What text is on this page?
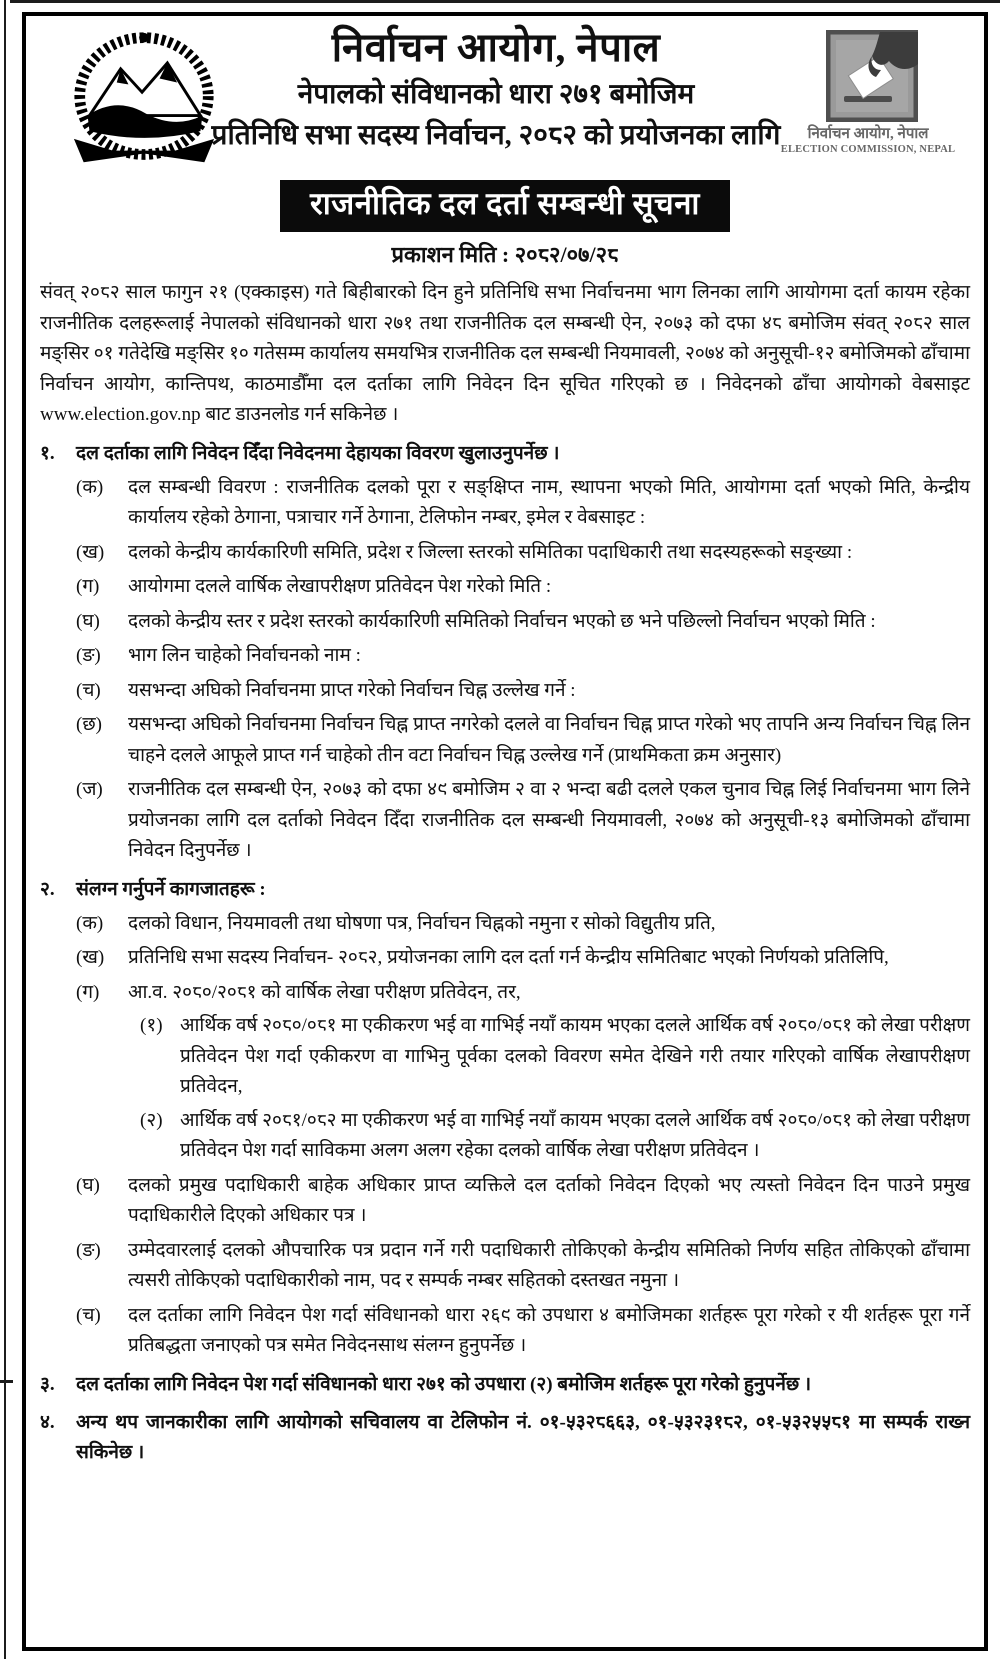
निर्वाचन आयोग, नेपाल
नेपालको संविधानको धारा २७१ बमोजिम
प्रतिनिधि सभा सदस्य निर्वाचन, २०८२ को प्रयोजनका लागि	निर्वाचन आयोग, नेपाल
ELECTION COMMISSION, NEPAL
राजनीतिक दल दर्ता सम्बन्धी सूचना
प्रकाशन मिति : २०८२/०७/२८

संवत् २०८२ साल फागुन २१ (एक्काइस) गते बिहीबारको दिन हुने प्रतिनिधि सभा निर्वाचनमा भाग लिनका लागि आयोगमा दर्ता कायम रहेका राजनीतिक दलहरूलाई नेपालको संविधानको धारा २७१ तथा राजनीतिक दल सम्बन्धी ऐन, २०७३ को दफा ४८ बमोजिम संवत् २०८२ साल मङ्सिर ०१ गतेदेखि मङ्सिर १० गतेसम्म कार्यालय समयभित्र राजनीतिक दल सम्बन्धी नियमावली, २०७४ को अनुसूची-१२ बमोजिमको ढाँचामा निर्वाचन आयोग, कान्तिपथ, काठमाडौँमा दल दर्ताका लागि निवेदन दिन सूचित गरिएको छ । निवेदनको ढाँचा आयोगको वेबसाइट www.election.gov.np बाट डाउनलोड गर्न सकिनेछ ।

१.	दल दर्ताका लागि निवेदन दिँदा निवेदनमा देहायका विवरण खुलाउनुपर्नेछ ।
(क)	दल सम्बन्धी विवरण : राजनीतिक दलको पूरा र सङ्क्षिप्त नाम, स्थापना भएको मिति, आयोगमा दर्ता भएको मिति, केन्द्रीय कार्यालय रहेको ठेगाना, पत्राचार गर्ने ठेगाना, टेलिफोन नम्बर, इमेल र वेबसाइट :
(ख)	दलको केन्द्रीय कार्यकारिणी समिति, प्रदेश र जिल्ला स्तरको समितिका पदाधिकारी तथा सदस्यहरूको सङ्ख्या :
(ग)	आयोगमा दलले वार्षिक लेखापरीक्षण प्रतिवेदन पेश गरेको मिति :
(घ)	दलको केन्द्रीय स्तर र प्रदेश स्तरको कार्यकारिणी समितिको निर्वाचन भएको छ भने पछिल्लो निर्वाचन भएको मिति :
(ङ)	भाग लिन चाहेको निर्वाचनको नाम :
(च)	यसभन्दा अघिको निर्वाचनमा प्राप्त गरेको निर्वाचन चिह्न उल्लेख गर्ने :
(छ)	यसभन्दा अघिको निर्वाचनमा निर्वाचन चिह्न प्राप्त नगरेको दलले वा निर्वाचन चिह्न प्राप्त गरेको भए तापनि अन्य निर्वाचन चिह्न लिन चाहने दलले आफूले प्राप्त गर्न चाहेको तीन वटा निर्वाचन चिह्न उल्लेख गर्ने (प्राथमिकता क्रम अनुसार)
(ज)	राजनीतिक दल सम्बन्धी ऐन, २०७३ को दफा ४९ बमोजिम २ वा २ भन्दा बढी दलले एकल चुनाव चिह्न लिई निर्वाचनमा भाग लिने प्रयोजनका लागि दल दर्ताको निवेदन दिँदा राजनीतिक दल सम्बन्धी नियमावली, २०७४ को अनुसूची-१३ बमोजिमको ढाँचामा निवेदन दिनुपर्नेछ ।
२.	संलग्न गर्नुपर्ने कागजातहरू :
(क)	दलको विधान, नियमावली तथा घोषणा पत्र, निर्वाचन चिह्नको नमुना र सोको विद्युतीय प्रति,
(ख)	प्रतिनिधि सभा सदस्य निर्वाचन- २०८२, प्रयोजनका लागि दल दर्ता गर्न केन्द्रीय समितिबाट भएको निर्णयको प्रतिलिपि,
(ग)	आ.व. २०८०/२०८१ को वार्षिक लेखा परीक्षण प्रतिवेदन, तर,
(१) आर्थिक वर्ष २०८०/०८१ मा एकीकरण भई वा गाभिई नयाँ कायम भएका दलले आर्थिक वर्ष २०८०/०८१ को लेखा परीक्षण प्रतिवेदन पेश गर्दा एकीकरण वा गाभिनु पूर्वका दलको विवरण समेत देखिने गरी तयार गरिएको वार्षिक लेखापरीक्षण प्रतिवेदन,
(२) आर्थिक वर्ष २०८१/०८२ मा एकीकरण भई वा गाभिई नयाँ कायम भएका दलले आर्थिक वर्ष २०८०/०८१ को लेखा परीक्षण प्रतिवेदन पेश गर्दा साविकमा अलग अलग रहेका दलको वार्षिक लेखा परीक्षण प्रतिवेदन ।
(घ)	दलको प्रमुख पदाधिकारी बाहेक अधिकार प्राप्त व्यक्तिले दल दर्ताको निवेदन दिएको भए त्यस्तो निवेदन दिन पाउने प्रमुख पदाधिकारीले दिएको अधिकार पत्र ।
(ङ)	उम्मेदवारलाई दलको औपचारिक पत्र प्रदान गर्ने गरी पदाधिकारी तोकिएको केन्द्रीय समितिको निर्णय सहित तोकिएको ढाँचामा त्यसरी तोकिएको पदाधिकारीको नाम, पद र सम्पर्क नम्बर सहितको दस्तखत नमुना ।
(च)	दल दर्ताका लागि निवेदन पेश गर्दा संविधानको धारा २६९ को उपधारा ४ बमोजिमका शर्तहरू पूरा गरेको र यी शर्तहरू पूरा गर्ने प्रतिबद्धता जनाएको पत्र समेत निवेदनसाथ संलग्न हुनुपर्नेछ ।
३.	दल दर्ताका लागि निवेदन पेश गर्दा संविधानको धारा २७१ को उपधारा (२) बमोजिम शर्तहरू पूरा गरेको हुनुपर्नेछ ।
४.	अन्य थप जानकारीका लागि आयोगको सचिवालय वा टेलिफोन नं. ०१-५३२८६६३, ०१-५३२३१८२, ०१-५३२५५८१ मा सम्पर्क राख्न सकिनेछ ।
